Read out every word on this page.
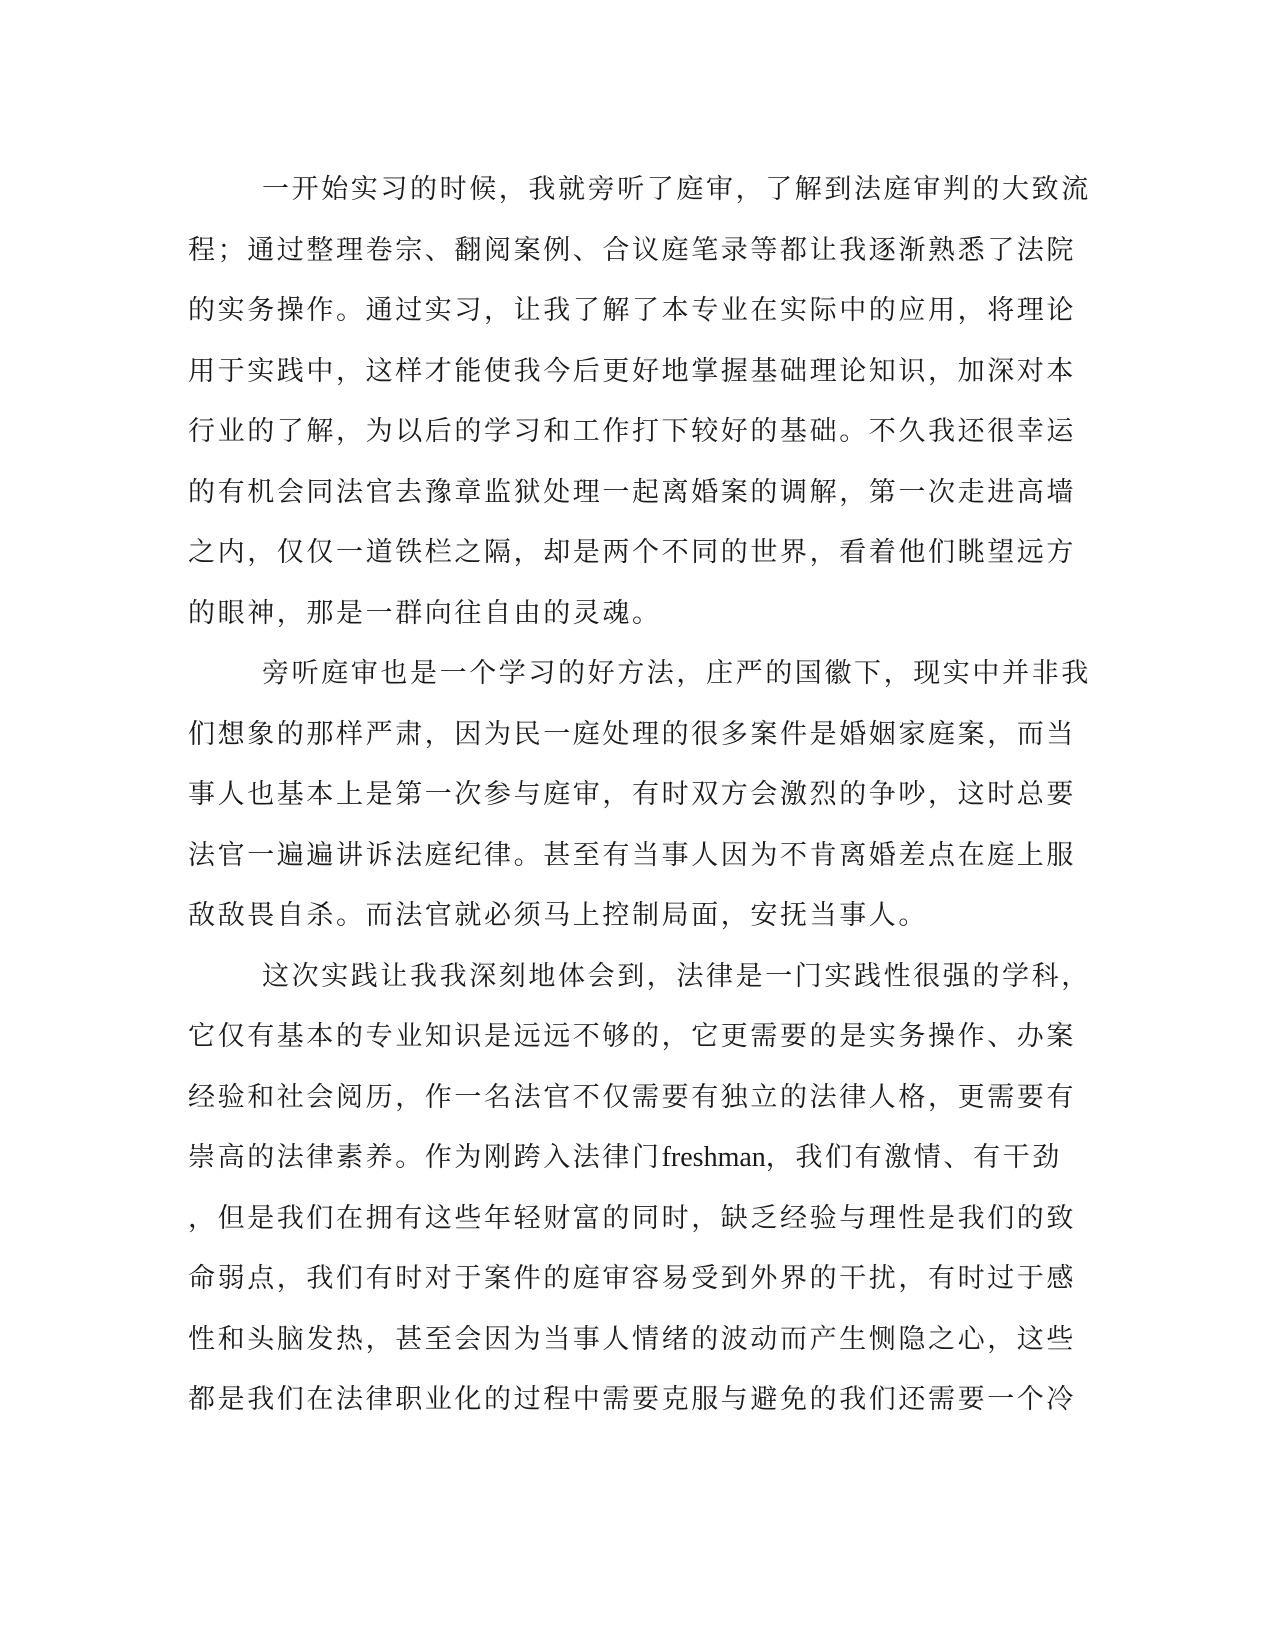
一开始实习的时候，我就旁听了庭审，了解到法庭审判的大致流
程；通过整理卷宗、翻阅案例、合议庭笔录等都让我逐渐熟悉了法院
的实务操作。通过实习，让我了解了本专业在实际中的应用，将理论
用于实践中，这样才能使我今后更好地掌握基础理论知识，加深对本
行业的了解，为以后的学习和工作打下较好的基础。不久我还很幸运
的有机会同法官去豫章监狱处理一起离婚案的调解，第一次走进高墙
之内，仅仅一道铁栏之隔，却是两个不同的世界，看着他们眺望远方
的眼神，那是一群向往自由的灵魂。
旁听庭审也是一个学习的好方法，庄严的国徽下，现实中并非我
们想象的那样严肃，因为民一庭处理的很多案件是婚姻家庭案，而当
事人也基本上是第一次参与庭审，有时双方会激烈的争吵，这时总要
法官一遍遍讲诉法庭纪律。甚至有当事人因为不肯离婚差点在庭上服
敌敌畏自杀。而法官就必须马上控制局面，安抚当事人。
这次实践让我我深刻地体会到，法律是一门实践性很强的学科，
它仅有基本的专业知识是远远不够的，它更需要的是实务操作、办案
经验和社会阅历，作一名法官不仅需要有独立的法律人格，更需要有
崇高的法律素养。作为刚跨入法律门freshman，我们有激情、有干劲
，但是我们在拥有这些年轻财富的同时，缺乏经验与理性是我们的致
命弱点，我们有时对于案件的庭审容易受到外界的干扰，有时过于感
性和头脑发热，甚至会因为当事人情绪的波动而产生恻隐之心，这些
都是我们在法律职业化的过程中需要克服与避免的我们还需要一个冷
